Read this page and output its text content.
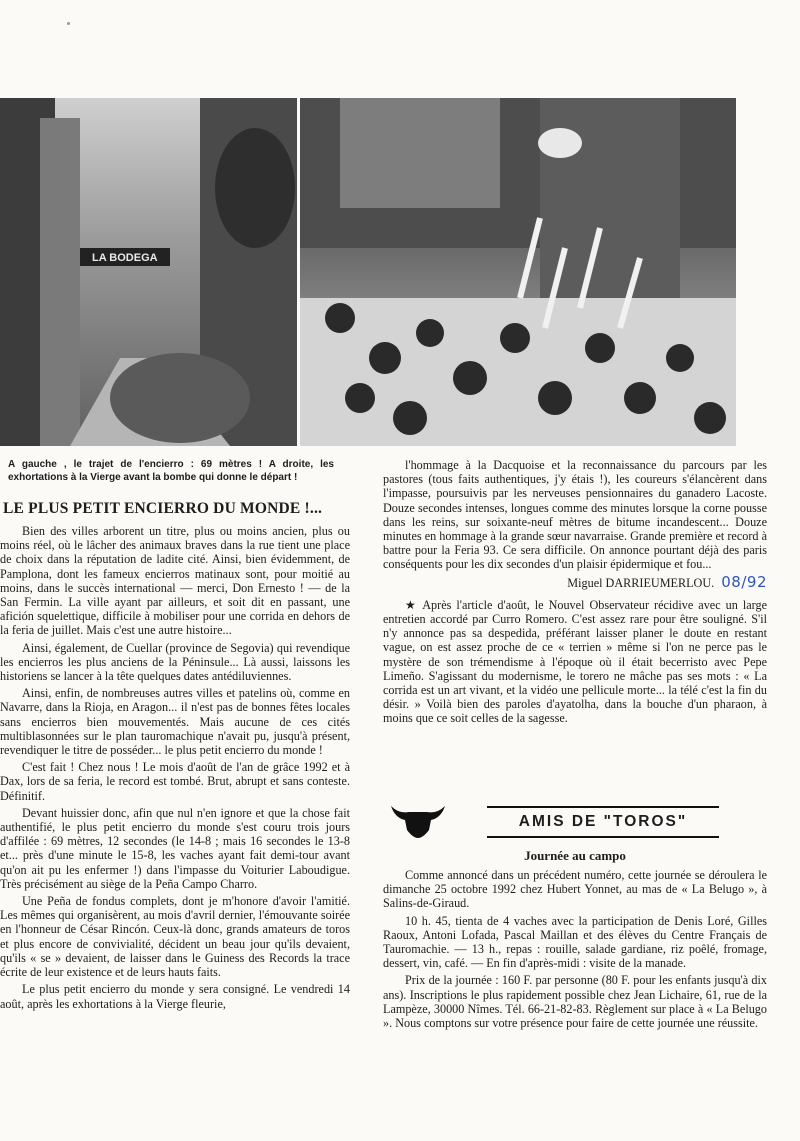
LA BODEGA
A gauche , le trajet de l'encierro : 69 mètres ! A droite, les exhortations à la Vierge avant la bombe qui donne le départ !
LE PLUS PETIT ENCIERRO DU MONDE !...

Bien des villes arborent un titre, plus ou moins ancien, plus ou moins réel, où le lâcher des animaux braves dans la rue tient une place de choix dans la réputation de ladite cité. Ainsi, bien évidemment, de Pamplona, dont les fameux encierros matinaux sont, pour moitié au moins, dans le succès international — merci, Don Ernesto ! — de la San Fermin. La ville ayant par ailleurs, et soit dit en passant, une afición squelettique, difficile à mobiliser pour une corrida en dehors de la feria de juillet. Mais c'est une autre histoire...

Ainsi, également, de Cuellar (province de Segovia) qui revendique les encierros les plus anciens de la Péninsule... Là aussi, laissons les historiens se lancer à la tête quelques dates antédiluviennes.

Ainsi, enfin, de nombreuses autres villes et patelins où, comme en Navarre, dans la Rioja, en Aragon... il n'est pas de bonnes fêtes locales sans encierros bien mouvementés. Mais aucune de ces cités multiblasonnées sur le plan tauromachique n'avait pu, jusqu'à présent, revendiquer le titre de posséder... le plus petit encierro du monde !

C'est fait ! Chez nous ! Le mois d'août de l'an de grâce 1992 et à Dax, lors de sa feria, le record est tombé. Brut, abrupt et sans conteste. Définitif.

Devant huissier donc, afin que nul n'en ignore et que la chose fait authentifié, le plus petit encierro du monde s'est couru trois jours d'affilée : 69 mètres, 12 secondes (le 14-8 ; mais 16 secondes le 13-8 et... près d'une minute le 15-8, les vaches ayant fait demi-tour avant qu'on ait pu les enfermer !) dans l'impasse du Voiturier Laboudigue. Très précisément au siège de la Peña Campo Charro.

Une Peña de fondus complets, dont je m'honore d'avoir l'amitié. Les mêmes qui organisèrent, au mois d'avril dernier, l'émouvante soirée en l'honneur de César Rincón. Ceux-là donc, grands amateurs de toros et plus encore de convivialité, décident un beau jour qu'ils devaient, qu'ils « se » devaient, de laisser dans le Guiness des Records la trace écrite de leur existence et de leurs hauts faits.

Le plus petit encierro du monde y sera consigné. Le vendredi 14 août, après les exhortations à la Vierge fleurie,

l'hommage à la Dacquoise et la reconnaissance du parcours par les pastores (tous faits authentiques, j'y étais !), les coureurs s'élancèrent dans l'impasse, poursuivis par les nerveuses pensionnaires du ganadero Lacoste. Douze secondes intenses, longues comme des minutes lorsque la corne pousse dans les reins, sur soixante-neuf mètres de bitume incandescent... Douze minutes en hommage à la grande sœur navarraise. Grande première et record à battre pour la Feria 93. Ce sera difficile. On annonce pourtant déjà des paris conséquents pour les dix secondes d'un plaisir épidermique et fou...

Miguel DARRIEUMERLOU. 08/92

★ Après l'article d'août, le Nouvel Observateur récidive avec un large entretien accordé par Curro Romero. C'est assez rare pour être souligné. S'il n'y annonce pas sa despedida, préférant laisser planer le doute en restant vague, on est assez proche de ce « terrien » même si l'on ne perce pas le mystère de son trémendisme à l'époque où il était becerristo avec Pepe Limeño. S'agissant du modernisme, le torero ne mâche pas ses mots : « La corrida est un art vivant, et la vidéo une pellicule morte... la télé c'est la fin du désir. » Voilà bien des paroles d'ayatolha, dans la bouche d'un pharaon, à moins que ce soit celles de la sagesse.

AMIS DE "TOROS"
Journée au campo

Comme annoncé dans un précédent numéro, cette journée se déroulera le dimanche 25 octobre 1992 chez Hubert Yonnet, au mas de « La Belugo », à Salins-de-Giraud.

10 h. 45, tienta de 4 vaches avec la participation de Denis Loré, Gilles Raoux, Antoni Lofada, Pascal Maillan et des élèves du Centre Français de Tauromachie. — 13 h., repas : rouille, salade gardiane, riz poêlé, fromage, dessert, vin, café. — En fin d'après-midi : visite de la manade.

Prix de la journée : 160 F. par personne (80 F. pour les enfants jusqu'à dix ans). Inscriptions le plus rapidement possible chez Jean Lichaire, 61, rue de la Lampèze, 30000 Nîmes. Tél. 66-21-82-83. Règlement sur place à « La Belugo ». Nous comptons sur votre présence pour faire de cette journée une réussite.
